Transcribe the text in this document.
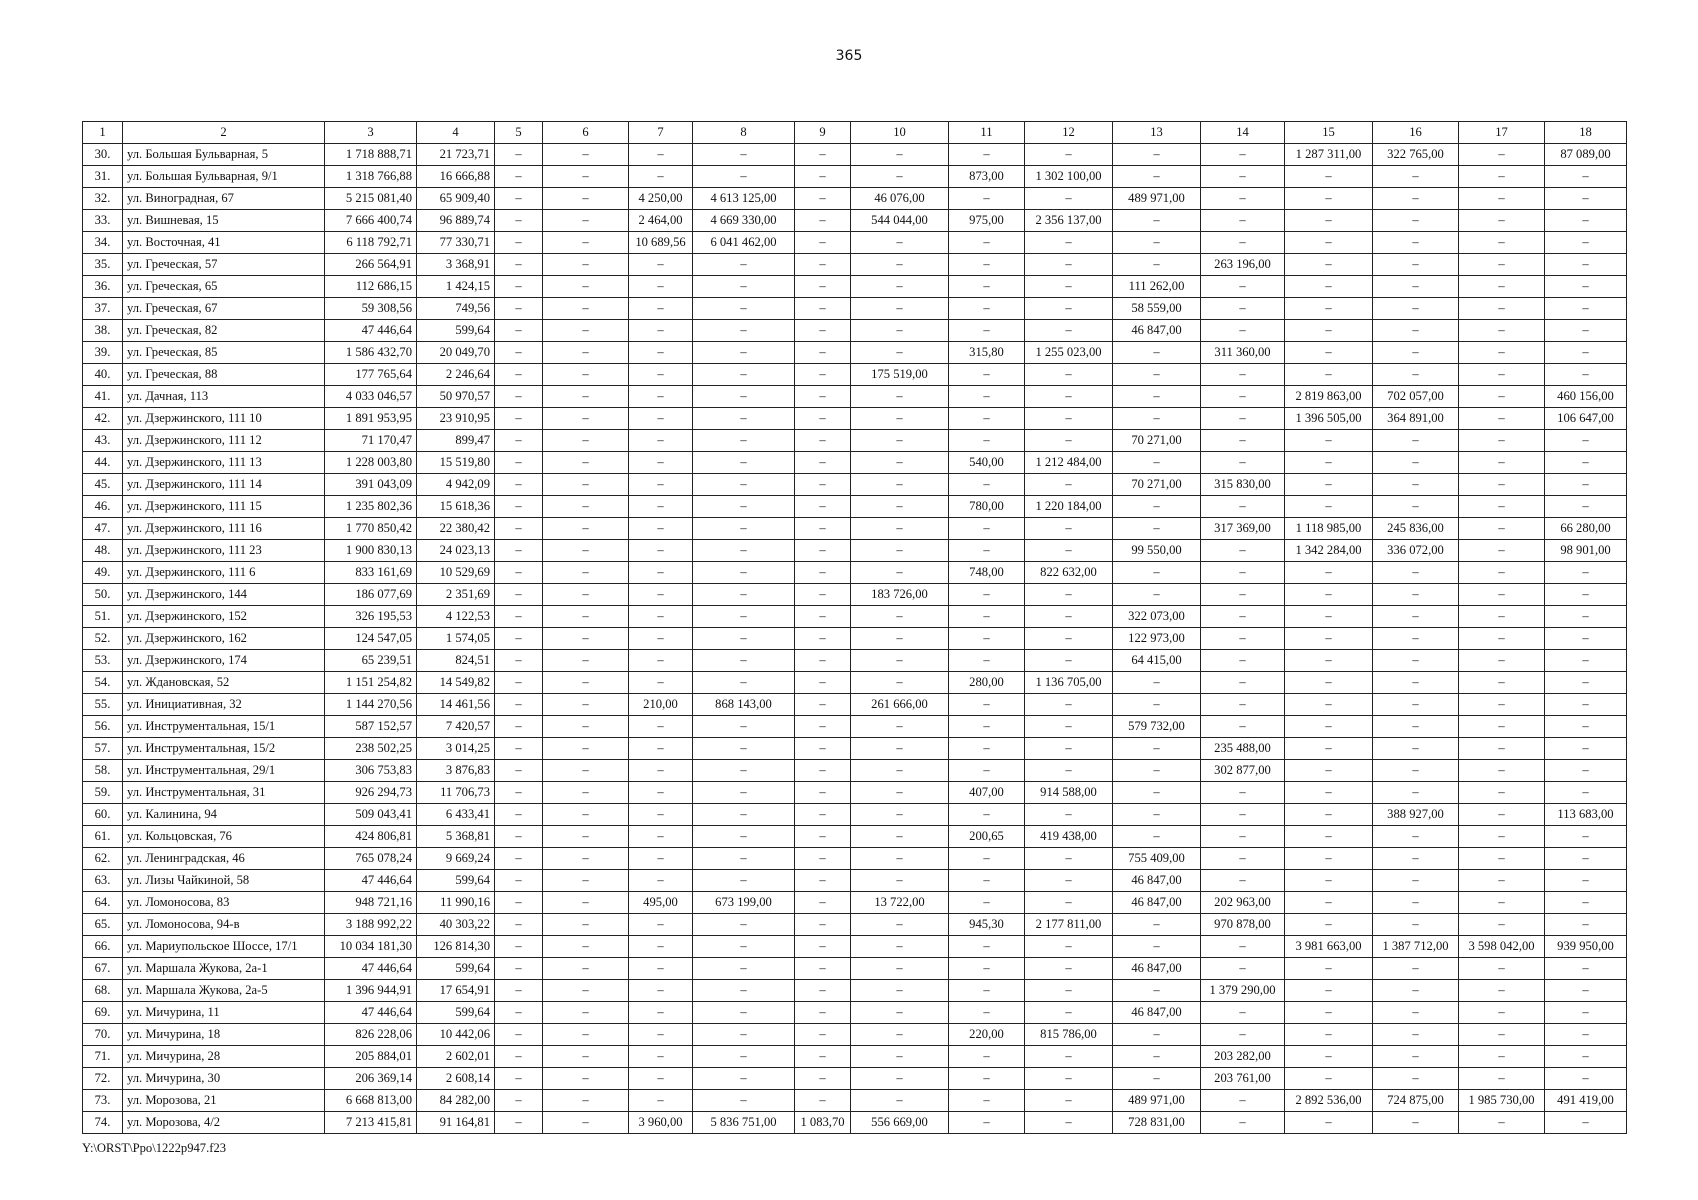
365
1	2	3	4	5	6	7	8	9	10	11	12	13	14	15	16	17	18
30.	ул. Большая Бульварная, 5	1 718 888,71	21 723,71	–	–	–	–	–	–	–	–	–	–	1 287 311,00	322 765,00	–	87 089,00
31.	ул. Большая Бульварная, 9/1	1 318 766,88	16 666,88	–	–	–	–	–	–	873,00	1 302 100,00	–	–	–	–	–	–
32.	ул. Виноградная, 67	5 215 081,40	65 909,40	–	–	4 250,00	4 613 125,00	–	46 076,00	–	–	489 971,00	–	–	–	–	–
33.	ул. Вишневая, 15	7 666 400,74	96 889,74	–	–	2 464,00	4 669 330,00	–	544 044,00	975,00	2 356 137,00	–	–	–	–	–	–
34.	ул. Восточная, 41	6 118 792,71	77 330,71	–	–	10 689,56	6 041 462,00	–	–	–	–	–	–	–	–	–	–
35.	ул. Греческая, 57	266 564,91	3 368,91	–	–	–	–	–	–	–	–	–	263 196,00	–	–	–	–
36.	ул. Греческая, 65	112 686,15	1 424,15	–	–	–	–	–	–	–	–	111 262,00	–	–	–	–	–
37.	ул. Греческая, 67	59 308,56	749,56	–	–	–	–	–	–	–	–	58 559,00	–	–	–	–	–
38.	ул. Греческая, 82	47 446,64	599,64	–	–	–	–	–	–	–	–	46 847,00	–	–	–	–	–
39.	ул. Греческая, 85	1 586 432,70	20 049,70	–	–	–	–	–	–	315,80	1 255 023,00	–	311 360,00	–	–	–	–
40.	ул. Греческая, 88	177 765,64	2 246,64	–	–	–	–	–	175 519,00	–	–	–	–	–	–	–	–
41.	ул. Дачная, 113	4 033 046,57	50 970,57	–	–	–	–	–	–	–	–	–	–	2 819 863,00	702 057,00	–	460 156,00
42.	ул. Дзержинского, 111 10	1 891 953,95	23 910,95	–	–	–	–	–	–	–	–	–	–	1 396 505,00	364 891,00	–	106 647,00
43.	ул. Дзержинского, 111 12	71 170,47	899,47	–	–	–	–	–	–	–	–	70 271,00	–	–	–	–	–
44.	ул. Дзержинского, 111 13	1 228 003,80	15 519,80	–	–	–	–	–	–	540,00	1 212 484,00	–	–	–	–	–	–
45.	ул. Дзержинского, 111 14	391 043,09	4 942,09	–	–	–	–	–	–	–	–	70 271,00	315 830,00	–	–	–	–
46.	ул. Дзержинского, 111 15	1 235 802,36	15 618,36	–	–	–	–	–	–	780,00	1 220 184,00	–	–	–	–	–	–
47.	ул. Дзержинского, 111 16	1 770 850,42	22 380,42	–	–	–	–	–	–	–	–	–	317 369,00	1 118 985,00	245 836,00	–	66 280,00
48.	ул. Дзержинского, 111 23	1 900 830,13	24 023,13	–	–	–	–	–	–	–	–	99 550,00	–	1 342 284,00	336 072,00	–	98 901,00
49.	ул. Дзержинского, 111 6	833 161,69	10 529,69	–	–	–	–	–	–	748,00	822 632,00	–	–	–	–	–	–
50.	ул. Дзержинского, 144	186 077,69	2 351,69	–	–	–	–	–	183 726,00	–	–	–	–	–	–	–	–
51.	ул. Дзержинского, 152	326 195,53	4 122,53	–	–	–	–	–	–	–	–	322 073,00	–	–	–	–	–
52.	ул. Дзержинского, 162	124 547,05	1 574,05	–	–	–	–	–	–	–	–	122 973,00	–	–	–	–	–
53.	ул. Дзержинского, 174	65 239,51	824,51	–	–	–	–	–	–	–	–	64 415,00	–	–	–	–	–
54.	ул. Ждановская, 52	1 151 254,82	14 549,82	–	–	–	–	–	–	280,00	1 136 705,00	–	–	–	–	–	–
55.	ул. Инициативная, 32	1 144 270,56	14 461,56	–	–	210,00	868 143,00	–	261 666,00	–	–	–	–	–	–	–	–
56.	ул. Инструментальная, 15/1	587 152,57	7 420,57	–	–	–	–	–	–	–	–	579 732,00	–	–	–	–	–
57.	ул. Инструментальная, 15/2	238 502,25	3 014,25	–	–	–	–	–	–	–	–	–	235 488,00	–	–	–	–
58.	ул. Инструментальная, 29/1	306 753,83	3 876,83	–	–	–	–	–	–	–	–	–	302 877,00	–	–	–	–
59.	ул. Инструментальная, 31	926 294,73	11 706,73	–	–	–	–	–	–	407,00	914 588,00	–	–	–	–	–	–
60.	ул. Калинина, 94	509 043,41	6 433,41	–	–	–	–	–	–	–	–	–	–	–	388 927,00	–	113 683,00
61.	ул. Кольцовская, 76	424 806,81	5 368,81	–	–	–	–	–	–	200,65	419 438,00	–	–	–	–	–	–
62.	ул. Ленинградская, 46	765 078,24	9 669,24	–	–	–	–	–	–	–	–	755 409,00	–	–	–	–	–
63.	ул. Лизы Чайкиной, 58	47 446,64	599,64	–	–	–	–	–	–	–	–	46 847,00	–	–	–	–	–
64.	ул. Ломоносова, 83	948 721,16	11 990,16	–	–	495,00	673 199,00	–	13 722,00	–	–	46 847,00	202 963,00	–	–	–	–
65.	ул. Ломоносова, 94-в	3 188 992,22	40 303,22	–	–	–	–	–	–	945,30	2 177 811,00	–	970 878,00	–	–	–	–
66.	ул. Мариупольское Шоссе, 17/1	10 034 181,30	126 814,30	–	–	–	–	–	–	–	–	–	–	3 981 663,00	1 387 712,00	3 598 042,00	939 950,00
67.	ул. Маршала Жукова, 2а-1	47 446,64	599,64	–	–	–	–	–	–	–	–	46 847,00	–	–	–	–	–
68.	ул. Маршала Жукова, 2а-5	1 396 944,91	17 654,91	–	–	–	–	–	–	–	–	–	1 379 290,00	–	–	–	–
69.	ул. Мичурина, 11	47 446,64	599,64	–	–	–	–	–	–	–	–	46 847,00	–	–	–	–	–
70.	ул. Мичурина, 18	826 228,06	10 442,06	–	–	–	–	–	–	220,00	815 786,00	–	–	–	–	–	–
71.	ул. Мичурина, 28	205 884,01	2 602,01	–	–	–	–	–	–	–	–	–	203 282,00	–	–	–	–
72.	ул. Мичурина, 30	206 369,14	2 608,14	–	–	–	–	–	–	–	–	–	203 761,00	–	–	–	–
73.	ул. Морозова, 21	6 668 813,00	84 282,00	–	–	–	–	–	–	–	–	489 971,00	–	2 892 536,00	724 875,00	1 985 730,00	491 419,00
74.	ул. Морозова, 4/2	7 213 415,81	91 164,81	–	–	3 960,00	5 836 751,00	1 083,70	556 669,00	–	–	728 831,00	–	–	–	–	–
Y:\ORST\Ppo\1222p947.f23
